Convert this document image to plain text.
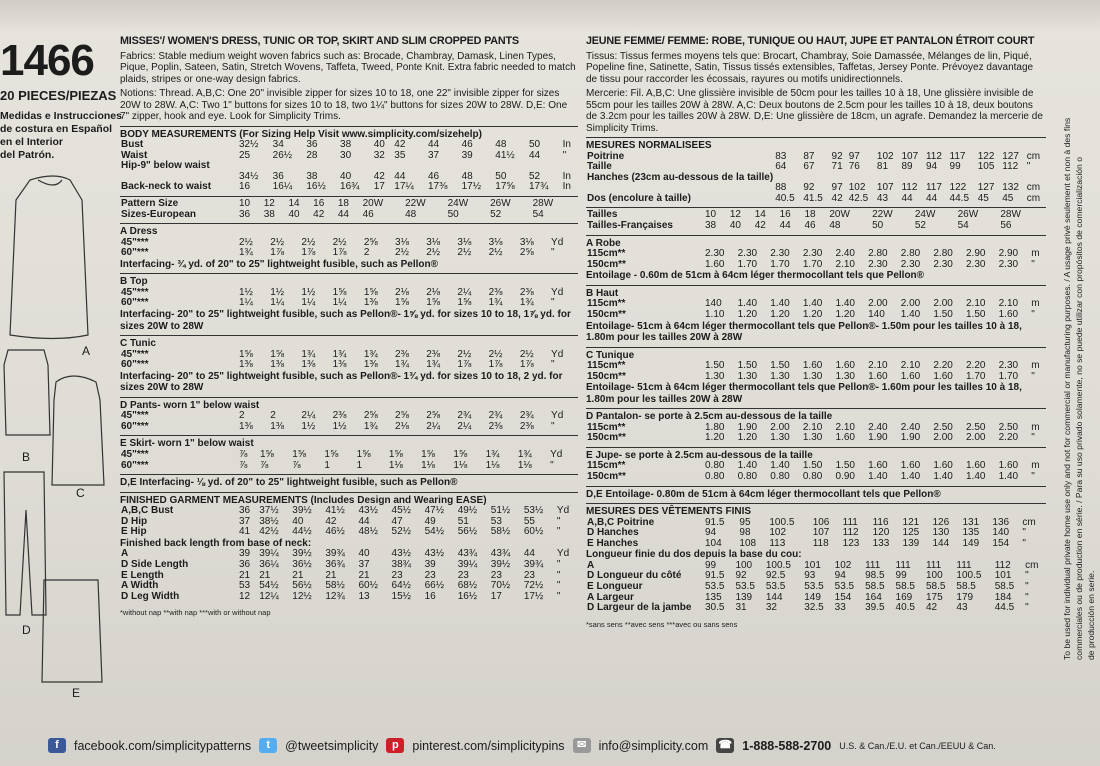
1466
20 PIECES/PIEZAS
Medidas e Instrucciones
de costura en Español
en el Interior
del Patrón.
A
B
C
D
E
MISSES'/ WOMEN'S DRESS, TUNIC OR TOP, SKIRT AND SLIM CROPPED PANTS
Fabrics: Stable medium weight woven fabrics such as: Brocade, Chambray, Damask, Linen Types, Pique, Poplin, Sateen, Satin, Stretch Wovens, Taffeta, Tweed, Ponte Knit. Extra fabric needed to match plaids, stripes or one-way design fabrics.
Notions: Thread. A,B,C: One 20" invisible zipper for sizes 10 to 18, one 22" invisible zipper for sizes 20W to 28W. A,C: Two 1" buttons for sizes 10 to 18, two 1¼" buttons for sizes 20W to 28W. D,E: One 7" zipper, hook and eye. Look for Simplicity Trims.
BODY MEASUREMENTS (For Sizing Help Visit www.simplicity.com/sizehelp)
Bust	32½	34	36	38	40	42	44	46	48	50	In
Waist	25	26½	28	30	32	35	37	39	41½	44	"
Hip-9" below waist											
	34½	36	38	40	42	44	46	48	50	52	In
Back-neck to waist	16	16¼	16½	16¾	17	17¼	17⅜	17½	17⅝	17¾	In
Pattern Size	10	12	14	16	18	20W	22W	24W	26W	28W	
Sizes-European	36	38	40	42	44	46	48	50	52	54	
A Dress
45"***	2½	2½	2½	2½	2⅝	3⅛	3⅛	3⅛	3⅛	3⅛	Yd
60"***	1¾	1⅞	1⅞	1⅞	2	2½	2½	2½	2½	2⅝	"
Interfacing- ¾ yd. of 20" to 25" lightweight fusible, such as Pellon®
B Top
45"***	1½	1½	1½	1⅝	1⅝	2⅛	2⅛	2¼	2⅜	2⅜	Yd
60"***	1¼	1¼	1¼	1¼	1⅜	1⅝	1⅝	1⅝	1¾	1¾	"
Interfacing- 20" to 25" lightweight fusible, such as Pellon®- 1⅝ yd. for sizes 10 to 18, 1⅞ yd. for sizes 20W to 28W
C Tunic
45"***	1⅝	1⅝	1¾	1¾	1¾	2⅜	2⅜	2½	2½	2½	Yd
60"***	1⅜	1⅜	1⅜	1⅜	1⅜	1¾	1¾	1⅞	1⅞	1⅞	"
Interfacing- 20" to 25" lightweight fusible, such as Pellon®- 1¾ yd. for sizes 10 to 18, 2 yd. for sizes 20W to 28W
D Pants- worn 1" below waist
45"***	2	2	2¼	2⅜	2⅝	2⅝	2⅝	2¾	2¾	2¾	Yd
60"***	1⅜	1⅜	1½	1½	1¾	2⅛	2¼	2¼	2⅜	2⅜	"
E Skirt- worn 1" below waist
45"***	⅞	1⅝	1⅝	1⅝	1⅝	1⅝	1⅝	1⅝	1¾	1¾	Yd
60"***	⅞	⅞	⅞	1	1	1⅛	1⅛	1⅛	1⅛	1⅛	"
D,E Interfacing- ⅛ yd. of 20" to 25" lightweight fusible, such as Pellon®
FINISHED GARMENT MEASUREMENTS (Includes Design and Wearing EASE)
A,B,C Bust	36	37½	39½	41½	43½	45½	47½	49½	51½	53½	Yd
D Hip	37	38½	40	42	44	47	49	51	53	55	"
E Hip	41	42½	44½	46½	48½	52½	54½	56½	58½	60½	"
Finished back length from base of neck:
A	39	39¼	39½	39¾	40	43½	43½	43¾	43¾	44	Yd
D Side Length	36	36¼	36½	36¾	37	38¾	39	39¼	39½	39¾	"
E Length	21	21	21	21	21	23	23	23	23	23	"
A Width	53	54½	56½	58½	60½	64½	66½	68½	70½	72½	"
D Leg Width	12	12¼	12½	12¾	13	15½	16	16½	17	17½	"
*without nap **with nap ***with or without nap
JEUNE FEMME/ FEMME: ROBE, TUNIQUE OU HAUT, JUPE ET PANTALON ÉTROIT COURT
Tissus: Tissus fermes moyens tels que: Brocart, Chambray, Soie Damassée, Mélanges de lin, Piqué, Popeline fine, Satinette, Satin, Tissus tissés extensibles, Taffetas, Jersey Ponte. Prévoyez davantage de tissu pour raccorder les écossais, rayures ou motifs unidirectionnels.
Mercerie: Fil. A,B,C: Une glissière invisible de 50cm pour les tailles 10 à 18, Une glissière invisible de 55cm pour les tailles 20W à 28W. A,C: Deux boutons de 2.5cm pour les tailles 10 à 18, deux boutons de 3.2cm pour les tailles 20W à 28W. D,E: Une glissière de 18cm, un agrafe. Demandez la mercerie de Simplicity Trims.
MESURES NORMALISEES
Poitrine	83	87	92	97	102	107	112	117	122	127	cm
Taille	64	67	71	76	81	89	94	99	105	112	"
Hanches (23cm au-dessous de la taille)											
	88	92	97	102	107	112	117	122	127	132	cm
Dos (encolure à taille)	40.5	41.5	42	42.5	43	44	44	44.5	45	45	cm
Tailles	10	12	14	16	18	20W	22W	24W	26W	28W	
Tailles-Françaises	38	40	42	44	46	48	50	52	54	56	
A Robe
115cm**	2.30	2.30	2.30	2.30	2.40	2.80	2.80	2.80	2.90	2.90	m
150cm**	1.60	1.70	1.70	1.70	2.10	2.30	2.30	2.30	2.30	2.30	"
Entoilage - 0.60m de 51cm à 64cm léger thermocollant tels que Pellon®
B Haut
115cm**	140	1.40	1.40	1.40	1.40	2.00	2.00	2.00	2.10	2.10	m
150cm**	1.10	1.20	1.20	1.20	1.20	140	1.40	1.50	1.50	1.60	"
Entoilage- 51cm à 64cm léger thermocollant tels que Pellon®- 1.50m pour les tailles 10 à 18, 1.80m pour les tailles 20W à 28W
C Tunique
115cm**	1.50	1.50	1.50	1.60	1.60	2.10	2.10	2.20	2.20	2.30	m
150cm**	1.30	1.30	1.30	1.30	1.30	1.60	1.60	1.60	1.70	1.70	"
Entoilage- 51cm à 64cm léger thermocollant tels que Pellon®- 1.60m pour les tailles 10 à 18, 1.80m pour les tailles 20W à 28W
D Pantalon- se porte à 2.5cm au-dessous de la taille
115cm**	1.80	1.90	2.00	2.10	2.10	2.40	2.40	2.50	2.50	2.50	m
150cm**	1.20	1.20	1.30	1.30	1.60	1.90	1.90	2.00	2.00	2.20	"
E Jupe- se porte à 2.5cm au-dessous de la taille
115cm**	0.80	1.40	1.40	1.50	1.50	1.60	1.60	1.60	1.60	1.60	m
150cm**	0.80	0.80	0.80	0.80	0.90	1.40	1.40	1.40	1.40	1.40	"
D,E Entoilage- 0.80m de 51cm à 64cm léger thermocollant tels que Pellon®
MESURES DES VÊTEMENTS FINIS
A,B,C Poitrine	91.5	95	100.5	106	111	116	121	126	131	136	cm
D Hanches	94	98	102	107	112	120	125	130	135	140	"
E Hanches	104	108	113	118	123	133	139	144	149	154	"
Longueur finie du dos depuis la base du cou:
A	99	100	100.5	101	102	111	111	111	111	112	cm
D Longueur du côté	91.5	92	92.5	93	94	98.5	99	100	100.5	101	"
E Longueur	53.5	53.5	53.5	53.5	53.5	58.5	58.5	58.5	58.5	58.5	"
A Largeur	135	139	144	149	154	164	169	175	179	184	"
D Largeur de la jambe	30.5	31	32	32.5	33	39.5	40.5	42	43	44.5	"
*sans sens **avec sens ***avec ou sans sens	To be used for individual private home use only and not for commercial or manufacturing purposes. / A usage privé seulement et non à des fins commerciales ou de production en série. / Para su uso privado solamente, no se puede utilizar con propósitos de comercialización o de producción en serie.
f	facebook.com/simplicitypatterns	t	@tweetsimplicity	p	pinterest.com/simplicitypins	✉ info@simplicity.com ☎ 1-888-588-2700 U.S. & Can./E.U. et Can./EEUU & Can.
